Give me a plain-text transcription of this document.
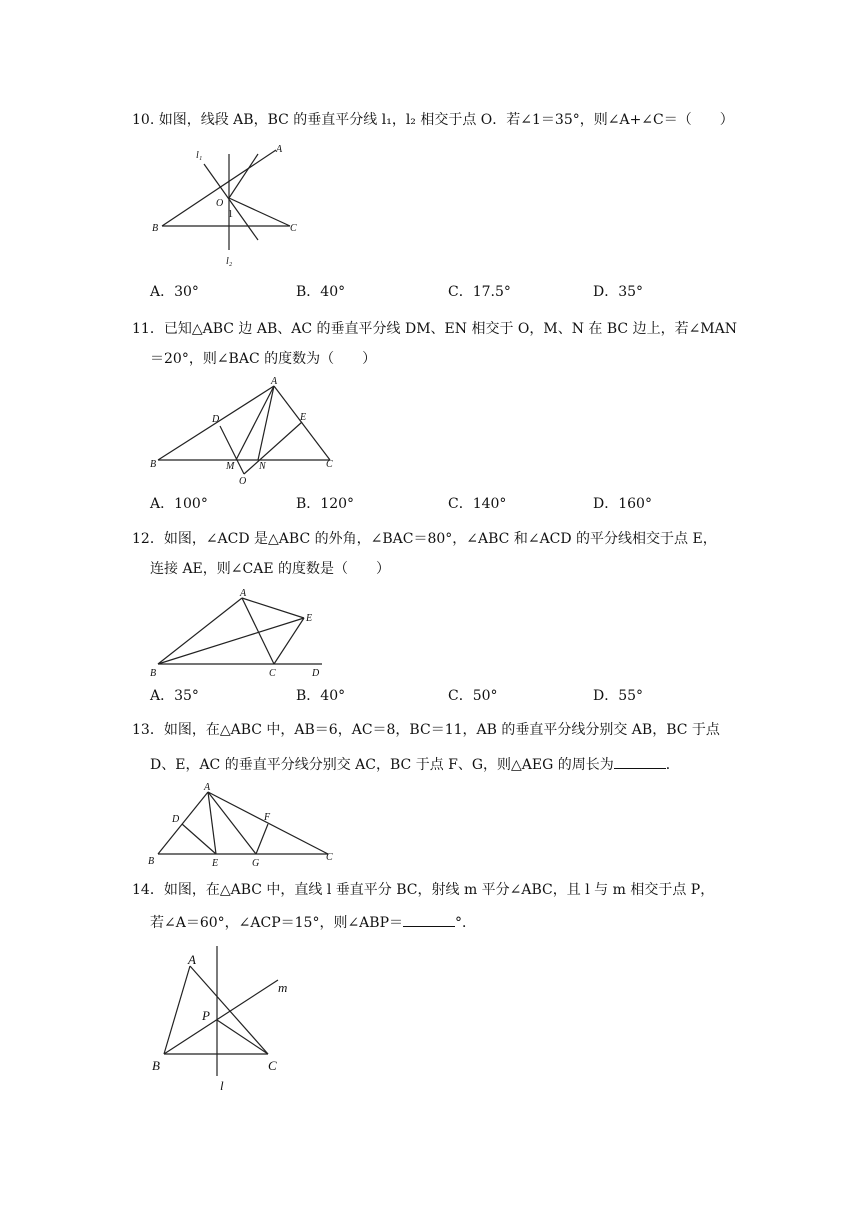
10. 如图，线段 AB，BC 的垂直平分线 l₁，l₂ 相交于点 O．若∠1＝35°，则∠A+∠C＝（　　）
l₁
A
B	C
O
1
l₂
A．30°	B．40°	C．17.5°	D．35°
11．已知△ABC 边 AB、AC 的垂直平分线 DM、EN 相交于 O，M、N 在 BC 边上，若∠MAN
＝20°，则∠BAC 的度数为（　　）
A
B	C
D	E
M N
O
A．100°	B．120°	C．140°	D．160°
12．如图，∠ACD 是△ABC 的外角，∠BAC＝80°，∠ABC 和∠ACD 的平分线相交于点 E，
连接 AE，则∠CAE 的度数是（　　）
A
B	C	D
E
A．35°	B．40°	C．50°	D．55°
13．如图，在△ABC 中，AB＝6，AC＝8，BC＝11，AB 的垂直平分线分别交 AB，BC 于点
D、E，AC 的垂直平分线分别交 AC，BC 于点 F、G，则△AEG 的周长为	．
A
B	C
D
E
F
G
14．如图，在△ABC 中，直线 l 垂直平分 BC，射线 m 平分∠ABC，且 l 与 m 相交于点 P，
若∠A＝60°，∠ACP＝15°，则∠ABP＝	°．
A
B	C
P
m
l
